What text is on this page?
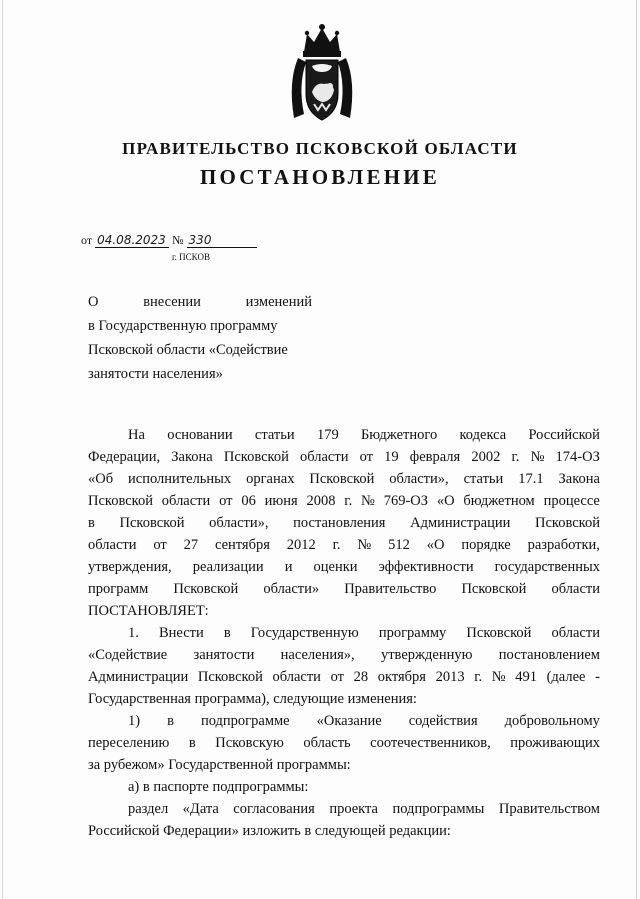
ПРАВИТЕЛЬСТВО ПСКОВСКОЙ ОБЛАСТИ
ПОСТАНОВЛЕНИЕ
от 04.08.2023 № 330
г. ПСКОВ
О	внесении	изменений
в Государственную программу
Псковской области «Содействие
занятости населения»
На основании статьи 179 Бюджетного кодекса Российской
Федерации, Закона Псковской области от 19 февраля 2002 г. № 174-ОЗ
«Об исполнительных органах Псковской области», статьи 17.1 Закона
Псковской области от 06 июня 2008 г. № 769-ОЗ «О бюджетном процессе
в Псковской области», постановления Администрации Псковской
области от 27 сентября 2012 г. № 512 «О порядке разработки,
утверждения, реализации и оценки эффективности государственных
программ Псковской области» Правительство Псковской области
ПОСТАНОВЛЯЕТ:
1. Внести в Государственную программу Псковской области
«Содействие занятости населения», утвержденную постановлением
Администрации Псковской области от 28 октября 2013 г. № 491 (далее -
Государственная программа), следующие изменения:
1) в подпрограмме «Оказание содействия добровольному
переселению в Псковскую область соотечественников, проживающих
за рубежом» Государственной программы:
а) в паспорте подпрограммы:
раздел «Дата согласования проекта подпрограммы Правительством
Российской Федерации» изложить в следующей редакции:
